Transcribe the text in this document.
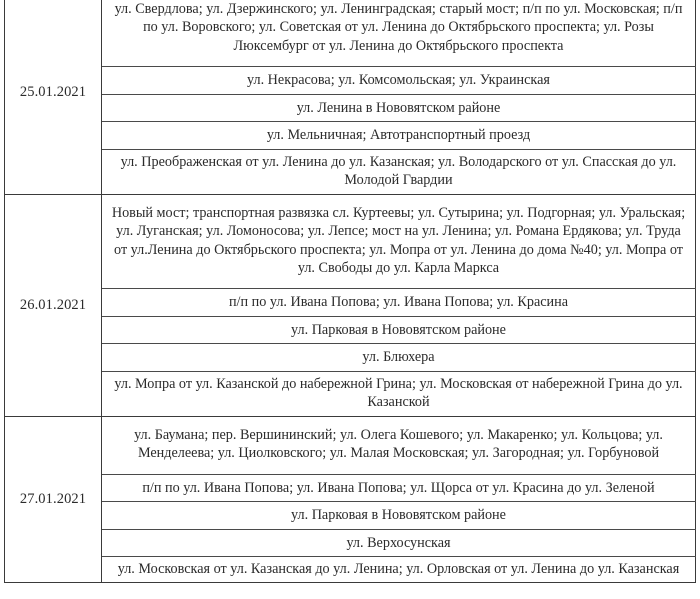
25.01.2021	ул. Свердлова; ул. Дзержинского; ул. Ленинградская; старый мост; п/п по ул. Московская; п/п по ул. Воровского; ул. Советская от ул. Ленина до Октябрьского проспекта; ул. Розы Люксембург от ул. Ленина до Октябрьского проспекта
	ул. Некрасова; ул. Комсомольская; ул. Украинская
	ул. Ленина в Нововятском районе
	ул. Мельничная; Автотранспортный проезд
	ул. Преображенская от ул. Ленина до ул. Казанская; ул. Володарского от ул. Спасская до ул. Молодой Гвардии
26.01.2021	Новый мост; транспортная развязка сл. Куртеевы; ул. Сутырина; ул. Подгорная; ул. Уральская; ул. Луганская; ул. Ломоносова; ул. Лепсе; мост на ул. Ленина; ул. Романа Ердякова; ул. Труда от ул.Ленина до Октябрьского проспекта; ул. Мопра от ул. Ленина до дома №40; ул. Мопра от ул. Свободы до ул. Карла Маркса
	п/п по ул. Ивана Попова; ул. Ивана Попова; ул. Красина
	ул. Парковая в Нововятском районе
	ул. Блюхера
	ул. Мопра от ул. Казанской до набережной Грина; ул. Московская от набережной Грина до ул. Казанской
27.01.2021	ул. Баумана; пер. Вершининский; ул. Олега Кошевого; ул. Макаренко; ул. Кольцова; ул. Менделеева; ул. Циолковского; ул. Малая Московская; ул. Загородная; ул. Горбуновой
	п/п по ул. Ивана Попова; ул. Ивана Попова; ул. Щорса от ул. Красина до ул. Зеленой
	ул. Парковая в Нововятском районе
	ул. Верхосунская
	ул. Московская от ул. Казанская до ул. Ленина; ул. Орловская от ул. Ленина до ул. Казанская
